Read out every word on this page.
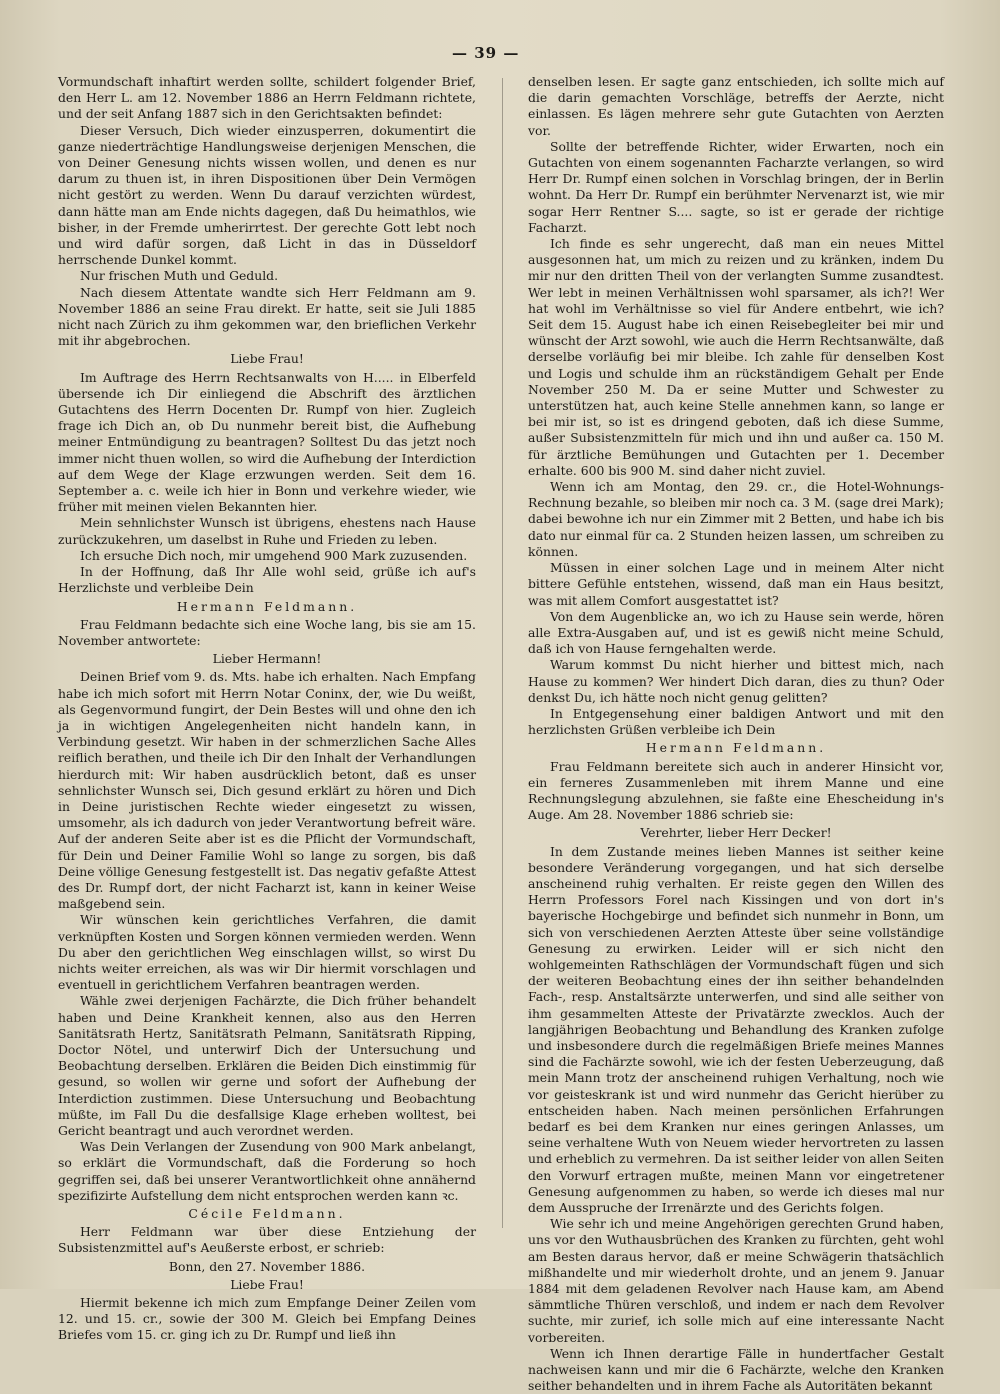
— 39 —

Vormundschaft inhaftirt werden sollte, schildert folgender Brief, den Herr L. am 12. November 1886 an Herrn Feldmann richtete, und der seit Anfang 1887 sich in den Gerichtsakten befindet:

Dieser Versuch, Dich wieder einzusperren, dokumentirt die ganze niederträchtige Handlungsweise derjenigen Menschen, die von Deiner Genesung nichts wissen wollen, und denen es nur darum zu thuen ist, in ihren Dispositionen über Dein Vermögen nicht gestört zu werden. Wenn Du darauf verzichten würdest, dann hätte man am Ende nichts dagegen, daß Du heimathlos, wie bisher, in der Fremde umherirrtest. Der gerechte Gott lebt noch und wird dafür sorgen, daß Licht in das in Düsseldorf herrschende Dunkel kommt.

Nur frischen Muth und Geduld.

Nach diesem Attentate wandte sich Herr Feldmann am 9. November 1886 an seine Frau direkt. Er hatte, seit sie Juli 1885 nicht nach Zürich zu ihm gekommen war, den brieflichen Verkehr mit ihr abgebrochen.

Liebe Frau!

Im Auftrage des Herrn Rechtsanwalts von H..... in Elberfeld übersende ich Dir einliegend die Abschrift des ärztlichen Gutachtens des Herrn Docenten Dr. Rumpf von hier. Zugleich frage ich Dich an, ob Du nunmehr bereit bist, die Aufhebung meiner Entmündigung zu beantragen? Solltest Du das jetzt noch immer nicht thuen wollen, so wird die Aufhebung der Interdiction auf dem Wege der Klage erzwungen werden. Seit dem 16. September a. c. weile ich hier in Bonn und verkehre wieder, wie früher mit meinen vielen Bekannten hier.

Mein sehnlichster Wunsch ist übrigens, ehestens nach Hause zurückzukehren, um daselbst in Ruhe und Frieden zu leben.

Ich ersuche Dich noch, mir umgehend 900 Mark zuzusenden.

In der Hoffnung, daß Ihr Alle wohl seid, grüße ich auf's Herzlichste und verbleibe Dein

Hermann Feldmann.

Frau Feldmann bedachte sich eine Woche lang, bis sie am 15. November antwortete:

Lieber Hermann!

Deinen Brief vom 9. ds. Mts. habe ich erhalten. Nach Empfang habe ich mich sofort mit Herrn Notar Coninx, der, wie Du weißt, als Gegenvormund fungirt, der Dein Bestes will und ohne den ich ja in wichtigen Angelegenheiten nicht handeln kann, in Verbindung gesetzt. Wir haben in der schmerzlichen Sache Alles reiflich berathen, und theile ich Dir den Inhalt der Verhandlungen hierdurch mit: Wir haben ausdrücklich betont, daß es unser sehnlichster Wunsch sei, Dich gesund erklärt zu hören und Dich in Deine juristischen Rechte wieder eingesetzt zu wissen, umsomehr, als ich dadurch von jeder Verantwortung befreit wäre. Auf der anderen Seite aber ist es die Pflicht der Vormundschaft, für Dein und Deiner Familie Wohl so lange zu sorgen, bis daß Deine völlige Genesung festgestellt ist. Das negativ gefaßte Attest des Dr. Rumpf dort, der nicht Facharzt ist, kann in keiner Weise maßgebend sein.

Wir wünschen kein gerichtliches Verfahren, die damit verknüpften Kosten und Sorgen können vermieden werden. Wenn Du aber den gerichtlichen Weg einschlagen willst, so wirst Du nichts weiter erreichen, als was wir Dir hiermit vorschlagen und eventuell in gerichtlichem Verfahren beantragen werden.

Wähle zwei derjenigen Fachärzte, die Dich früher behandelt haben und Deine Krankheit kennen, also aus den Herren Sanitätsrath Hertz, Sanitätsrath Pelmann, Sanitätsrath Ripping, Doctor Nötel, und unterwirf Dich der Untersuchung und Beobachtung derselben. Erklären die Beiden Dich einstimmig für gesund, so wollen wir gerne und sofort der Aufhebung der Interdiction zustimmen. Diese Untersuchung und Beobachtung müßte, im Fall Du die desfallsige Klage erheben wolltest, bei Gericht beantragt und auch verordnet werden.

Was Dein Verlangen der Zusendung von 900 Mark anbelangt, so erklärt die Vormundschaft, daß die Forderung so hoch gegriffen sei, daß bei unserer Verantwortlichkeit ohne annähernd spezifizirte Aufstellung dem nicht entsprochen werden kann ꝛc.

Cécile Feldmann.

Herr Feldmann war über diese Entziehung der Subsistenzmittel auf's Aeußerste erbost, er schrieb:

Bonn, den 27. November 1886.

Liebe Frau!

Hiermit bekenne ich mich zum Empfange Deiner Zeilen vom 12. und 15. cr., sowie der 300 M. Gleich bei Empfang Deines Briefes vom 15. cr. ging ich zu Dr. Rumpf und ließ ihn

denselben lesen. Er sagte ganz entschieden, ich sollte mich auf die darin gemachten Vorschläge, betreffs der Aerzte, nicht einlassen. Es lägen mehrere sehr gute Gutachten von Aerzten vor.

Sollte der betreffende Richter, wider Erwarten, noch ein Gutachten von einem sogenannten Facharzte verlangen, so wird Herr Dr. Rumpf einen solchen in Vorschlag bringen, der in Berlin wohnt. Da Herr Dr. Rumpf ein berühmter Nervenarzt ist, wie mir sogar Herr Rentner S.... sagte, so ist er gerade der richtige Facharzt.

Ich finde es sehr ungerecht, daß man ein neues Mittel ausgesonnen hat, um mich zu reizen und zu kränken, indem Du mir nur den dritten Theil von der verlangten Summe zusandtest. Wer lebt in meinen Verhältnissen wohl sparsamer, als ich?! Wer hat wohl im Verhältnisse so viel für Andere entbehrt, wie ich? Seit dem 15. August habe ich einen Reisebegleiter bei mir und wünscht der Arzt sowohl, wie auch die Herrn Rechtsanwälte, daß derselbe vorläufig bei mir bleibe. Ich zahle für denselben Kost und Logis und schulde ihm an rückständigem Gehalt per Ende November 250 M. Da er seine Mutter und Schwester zu unterstützen hat, auch keine Stelle annehmen kann, so lange er bei mir ist, so ist es dringend geboten, daß ich diese Summe, außer Subsistenzmitteln für mich und ihn und außer ca. 150 M. für ärztliche Bemühungen und Gutachten per 1. December erhalte. 600 bis 900 M. sind daher nicht zuviel.

Wenn ich am Montag, den 29. cr., die Hotel-Wohnungs-Rechnung bezahle, so bleiben mir noch ca. 3 M. (sage drei Mark); dabei bewohne ich nur ein Zimmer mit 2 Betten, und habe ich bis dato nur einmal für ca. 2 Stunden heizen lassen, um schreiben zu können.

Müssen in einer solchen Lage und in meinem Alter nicht bittere Gefühle entstehen, wissend, daß man ein Haus besitzt, was mit allem Comfort ausgestattet ist?

Von dem Augenblicke an, wo ich zu Hause sein werde, hören alle Extra-Ausgaben auf, und ist es gewiß nicht meine Schuld, daß ich von Hause ferngehalten werde.

Warum kommst Du nicht hierher und bittest mich, nach Hause zu kommen? Wer hindert Dich daran, dies zu thun? Oder denkst Du, ich hätte noch nicht genug gelitten?

In Entgegensehung einer baldigen Antwort und mit den herzlichsten Grüßen verbleibe ich Dein

Hermann Feldmann.

Frau Feldmann bereitete sich auch in anderer Hinsicht vor, ein ferneres Zusammenleben mit ihrem Manne und eine Rechnungslegung abzulehnen, sie faßte eine Ehescheidung in's Auge. Am 28. November 1886 schrieb sie:

Verehrter, lieber Herr Decker!

In dem Zustande meines lieben Mannes ist seither keine besondere Veränderung vorgegangen, und hat sich derselbe anscheinend ruhig verhalten. Er reiste gegen den Willen des Herrn Professors Forel nach Kissingen und von dort in's bayerische Hochgebirge und befindet sich nunmehr in Bonn, um sich von verschiedenen Aerzten Atteste über seine vollständige Genesung zu erwirken. Leider will er sich nicht den wohlgemeinten Rathschlägen der Vormundschaft fügen und sich der weiteren Beobachtung eines der ihn seither behandelnden Fach-, resp. Anstaltsärzte unterwerfen, und sind alle seither von ihm gesammelten Atteste der Privatärzte zwecklos. Auch der langjährigen Beobachtung und Behandlung des Kranken zufolge und insbesondere durch die regelmäßigen Briefe meines Mannes sind die Fachärzte sowohl, wie ich der festen Ueberzeugung, daß mein Mann trotz der anscheinend ruhigen Verhaltung, noch wie vor geisteskrank ist und wird nunmehr das Gericht hierüber zu entscheiden haben. Nach meinen persönlichen Erfahrungen bedarf es bei dem Kranken nur eines geringen Anlasses, um seine verhaltene Wuth von Neuem wieder hervortreten zu lassen und erheblich zu vermehren. Da ist seither leider von allen Seiten den Vorwurf ertragen mußte, meinen Mann vor eingetretener Genesung aufgenommen zu haben, so werde ich dieses mal nur dem Ausspruche der Irrenärzte und des Gerichts folgen.

Wie sehr ich und meine Angehörigen gerechten Grund haben, uns vor den Wuthausbrüchen des Kranken zu fürchten, geht wohl am Besten daraus hervor, daß er meine Schwägerin thatsächlich mißhandelte und mir wiederholt drohte, und an jenem 9. Januar 1884 mit dem geladenen Revolver nach Hause kam, am Abend sämmtliche Thüren verschloß, und indem er nach dem Revolver suchte, mir zurief, ich solle mich auf eine interessante Nacht vorbereiten.

Wenn ich Ihnen derartige Fälle in hundertfacher Gestalt nachweisen kann und mir die 6 Fachärzte, welche den Kranken seither behandelten und in ihrem Fache als Autoritäten bekannt
